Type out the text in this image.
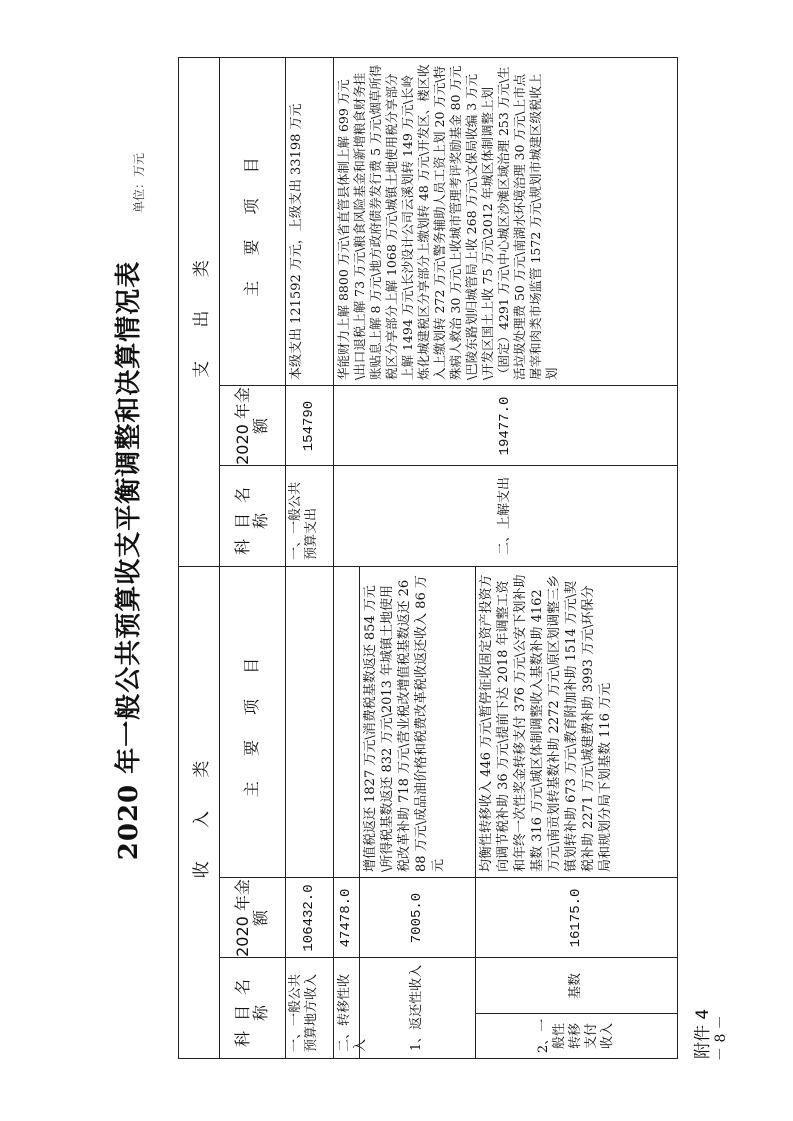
附件 4
2020 年一般公共预算收支平衡调整和决算情况表
单位：万元
收 入 类
科目名称
2020 年金额
主 要 项 目
一、一般公共预算地方收入
106432.0
二、转移性收入
47478.0
1、返还性收入
7005.0
增值税返还 1827 万元\消费税基数返还 854 万元\所得税基数返还 832 万元\2013 年城镇土地使用税改革补助 718 万元\营业税改增值税基数返还 2688 万元\成品油价格和税费改革税收返还收入 86 万元
2、一般性转移支付收入
基数
16175.0
均衡性转移收入 446 万元\暂停征收固定资产投资方向调节税补助 36 万元\提前下达 2018 年调整工资和年终一次性奖金转移支付 376 万元\公安下划补助基数 316 万元\城区体制调整收入基数补助 4162 万元\南贡划转基数补助 2272 万元\原区划调整三乡镇划转补助 673 万元\教育附加补助 1514 万元\契税补助 2271 万元\城建费补助 3993 万元\环保分局和规划分局下划基数 116 万元
支 出 类
科目名称
2020 年金额
主 要 项 目
一、一般公共预算支出
154790
本级支出 121592 万元，上级支出 33198 万元
二、上解支出
19477.0
华能财力上解 8800 万元\省直管县体制上解 699 万元\出口退税上解 73 万元\粮食风险基金和新增粮食财务挂账贴息上解 8 万元\地方政府债券发行费 5 万元\烟草所得税区分享部分上解 1068 万元\城镇土地使用税分享部分上解 1494 万元\长沙设计公司云溪划转 149 万元\长岭炼化城建税区分享部分上缴划转 48 万元\开发区、楼区收入上缴划转 272 万元\警务辅助人员工资上划 20 万元\特殊病人救治 30 万元\上收城市管理考评奖励基金 80 万元\巴陵东路划归城管局上收 268 万元\文保局收编 3 万元\开发区国土上收 75 万元\2012 年城区体制调整上划（固定）4291 万元\中心城区沙滩区域治理 253 万元\生活垃圾处理费 50 万元\南湖水环境治理 30 万元\上市点屠宰和肉类市场监管 1572 万元\规划市城建区级税收上划
－ 8 －
